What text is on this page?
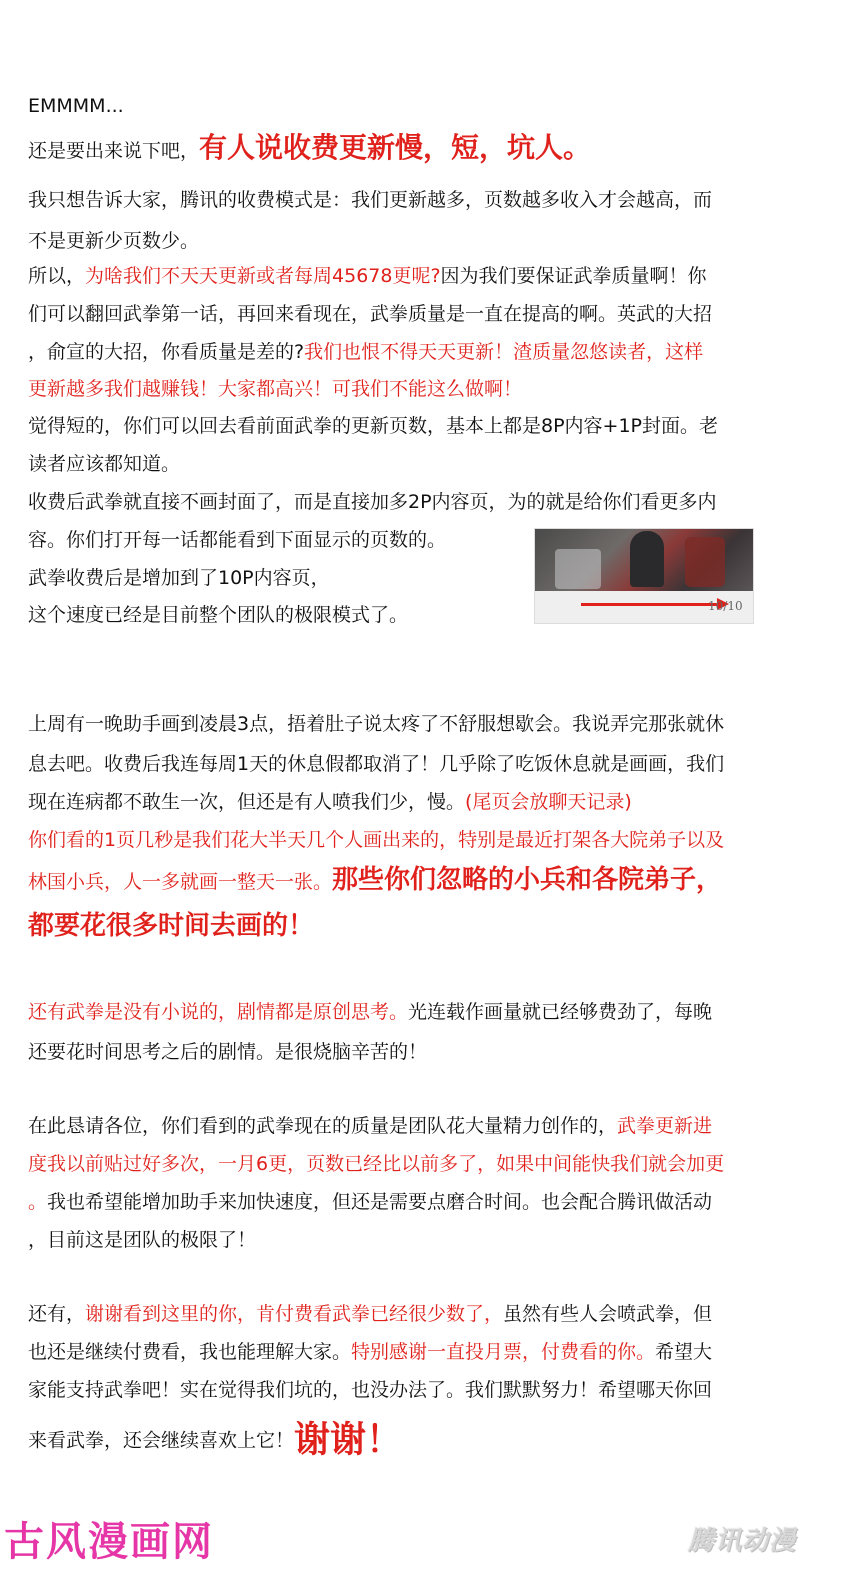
EMMMM...
还是要出来说下吧，有人说收费更新慢，短，坑人。
我只想告诉大家，腾讯的收费模式是：我们更新越多，页数越多收入才会越高，而
不是更新少页数少。
所以，为啥我们不天天更新或者每周45678更呢?因为我们要保证武拳质量啊！你
们可以翻回武拳第一话，再回来看现在，武拳质量是一直在提高的啊。英武的大招
，俞宣的大招，你看质量是差的?我们也恨不得天天更新！渣质量忽悠读者，这样
更新越多我们越赚钱！大家都高兴！可我们不能这么做啊！
觉得短的，你们可以回去看前面武拳的更新页数，基本上都是8P内容+1P封面。老
读者应该都知道。
收费后武拳就直接不画封面了，而是直接加多2P内容页，为的就是给你们看更多内
容。你们打开每一话都能看到下面显示的页数的。
武拳收费后是增加到了10P内容页，
这个速度已经是目前整个团队的极限模式了。	10/10
上周有一晚助手画到凌晨3点，捂着肚子说太疼了不舒服想歇会。我说弄完那张就休
息去吧。收费后我连每周1天的休息假都取消了！几乎除了吃饭休息就是画画，我们
现在连病都不敢生一次，但还是有人喷我们少，慢。(尾页会放聊天记录)
你们看的1页几秒是我们花大半天几个人画出来的，特别是最近打架各大院弟子以及
林国小兵，人一多就画一整天一张。那些你们忽略的小兵和各院弟子，
都要花很多时间去画的！
还有武拳是没有小说的，剧情都是原创思考。光连载作画量就已经够费劲了，每晚
还要花时间思考之后的剧情。是很烧脑辛苦的！
在此恳请各位，你们看到的武拳现在的质量是团队花大量精力创作的，武拳更新进
度我以前贴过好多次，一月6更，页数已经比以前多了，如果中间能快我们就会加更
。我也希望能增加助手来加快速度，但还是需要点磨合时间。也会配合腾讯做活动
，目前这是团队的极限了！
还有，谢谢看到这里的你，肯付费看武拳已经很少数了，虽然有些人会喷武拳，但
也还是继续付费看，我也能理解大家。特别感谢一直投月票，付费看的你。希望大
家能支持武拳吧！实在觉得我们坑的，也没办法了。我们默默努力！希望哪天你回
来看武拳，还会继续喜欢上它！谢谢！
古风漫画网	腾讯动漫
